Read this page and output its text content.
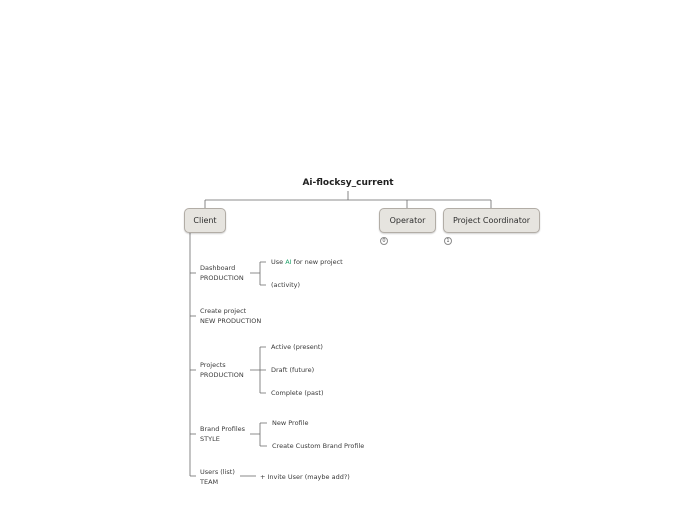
Ai-flocksy_current
Client	Operator	Project Coordinator
0	1
Dashboard
PRODUCTION
Use AI for new project
(activity)
Create project
NEW PRODUCTION
Projects
PRODUCTION
Active (present)
Draft (future)
Complete (past)
Brand Profiles
STYLE
New Profile
Create Custom Brand Profile
Users (list)
TEAM
+ Invite User (maybe add?)
